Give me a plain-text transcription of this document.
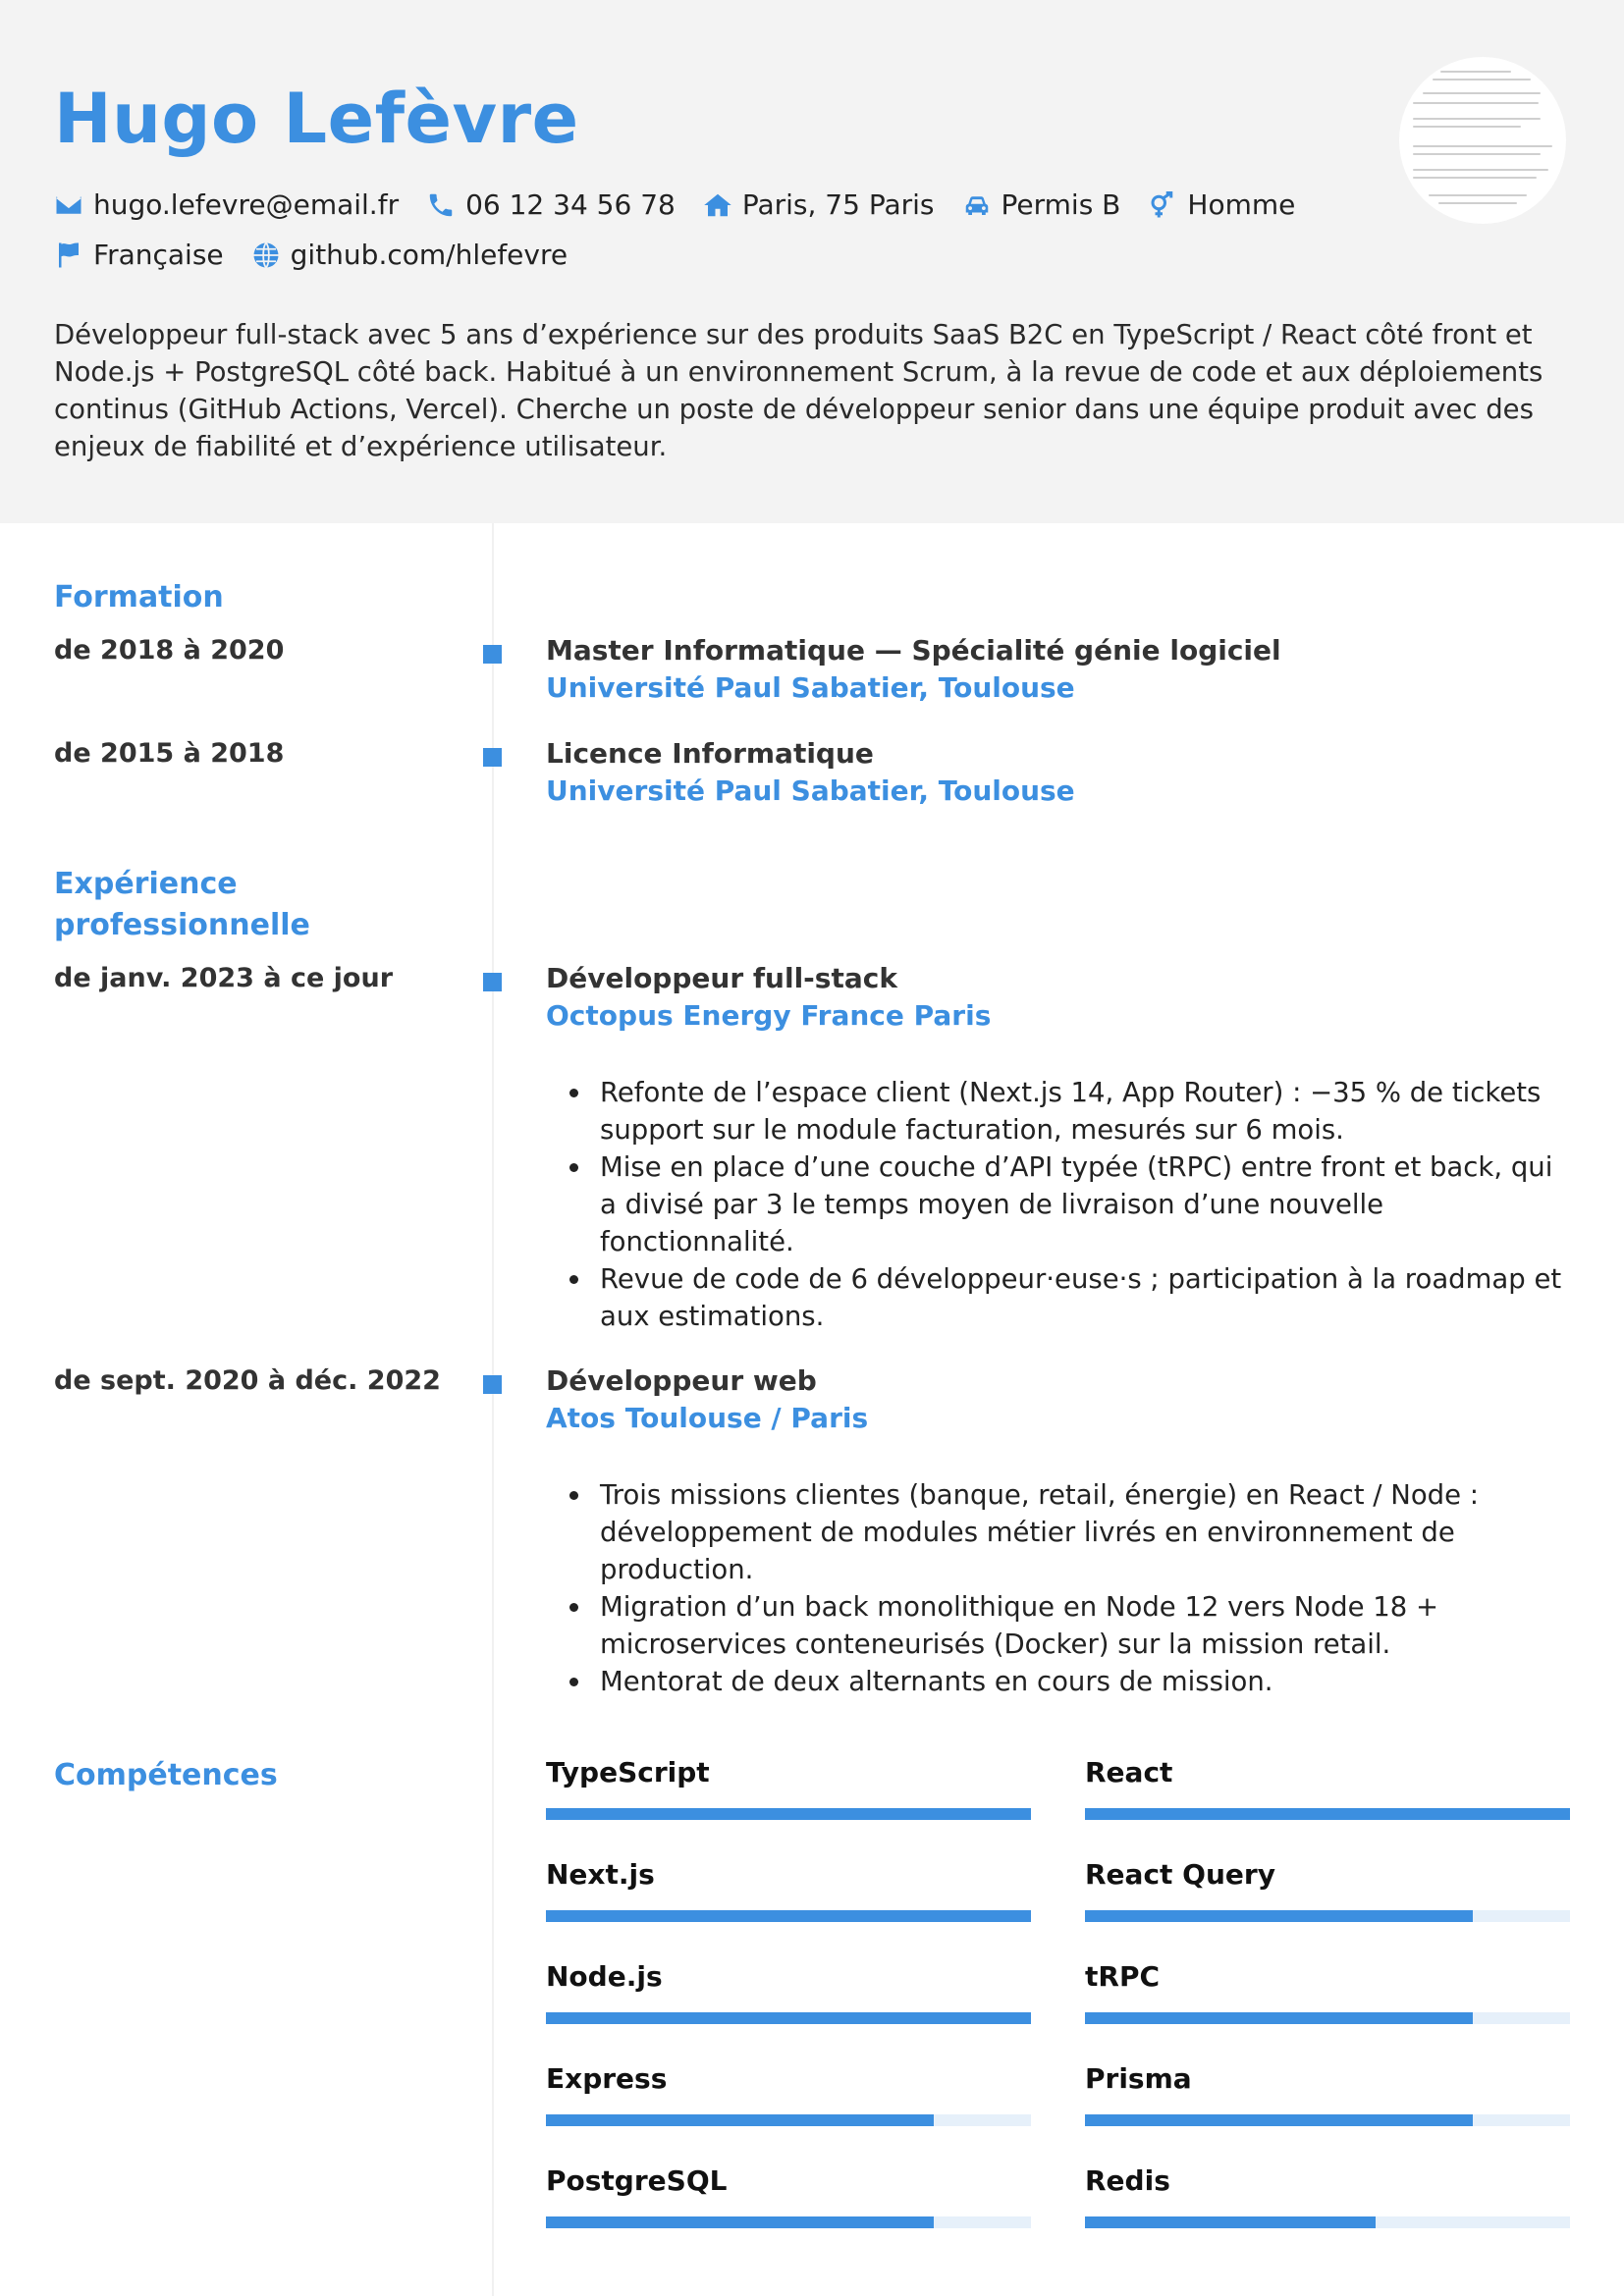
Hugo Lefèvre
hugo.lefevre@email.fr 06 12 34 56 78 Paris, 75 Paris Permis B Homme
Française github.com/hlefevre
Développeur full-stack avec 5 ans d’expérience sur des produits SaaS B2C en TypeScript / React côté front et Node.js + PostgreSQL côté back. Habitué à un environnement Scrum, à la revue de code et aux déploiements continus (GitHub Actions, Vercel). Cherche un poste de développeur senior dans une équipe produit avec des enjeux de fiabilité et d’expérience utilisateur.
Formation
de 2018 à 2020	Master Informatique — Spécialité génie logiciel
Université Paul Sabatier, Toulouse
de 2015 à 2018	Licence Informatique
Université Paul Sabatier, Toulouse
Expérience
professionnelle
de janv. 2023 à ce jour	Développeur full-stack
Octopus Energy France Paris
Refonte de l’espace client (Next.js 14, App Router) : −35 % de tickets support sur le module facturation, mesurés sur 6 mois.
Mise en place d’une couche d’API typée (tRPC) entre front et back, qui a divisé par 3 le temps moyen de livraison d’une nouvelle fonctionnalité.
Revue de code de 6 développeur·euse·s ; participation à la roadmap et aux estimations.
de sept. 2020 à déc. 2022	Développeur web
Atos Toulouse / Paris
Trois missions clientes (banque, retail, énergie) en React / Node : développement de modules métier livrés en environnement de production.
Migration d’un back monolithique en Node 12 vers Node 18 + microservices conteneurisés (Docker) sur la mission retail.
Mentorat de deux alternants en cours de mission.
Compétences	TypeScript	React
Next.js	React Query
Node.js	tRPC
Express	Prisma
PostgreSQL	Redis
